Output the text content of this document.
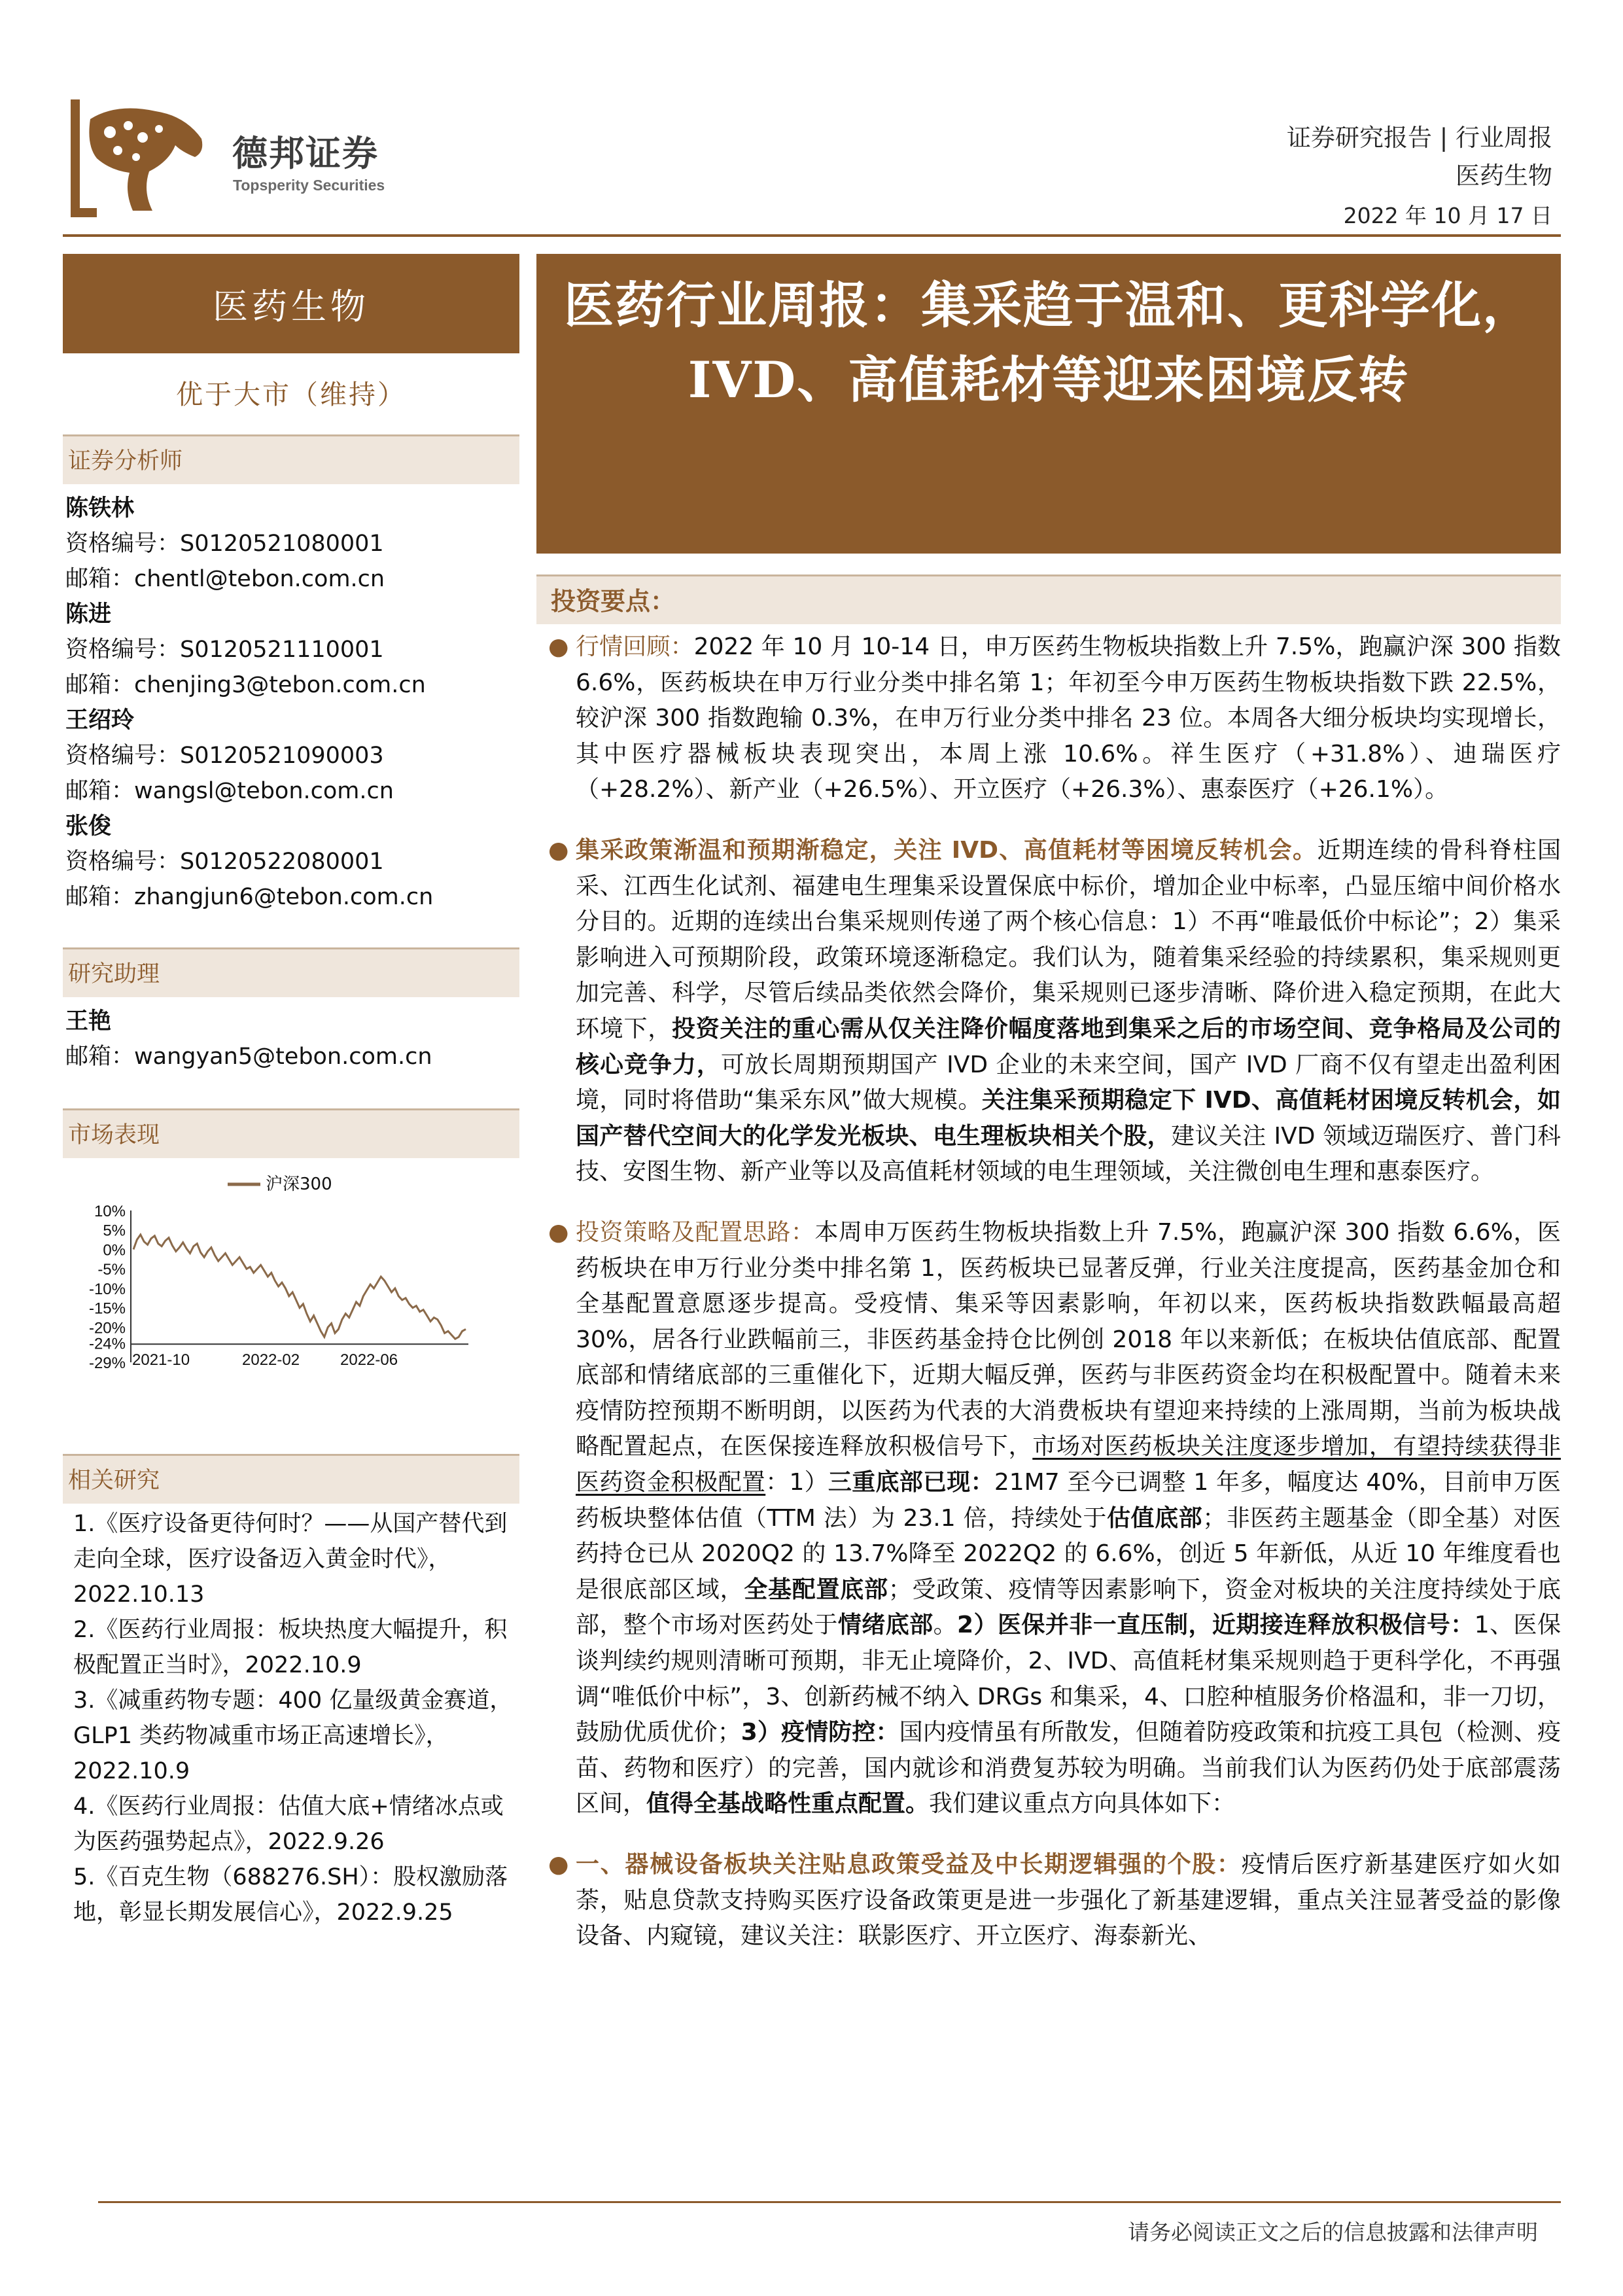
德邦证券
Topsperity Securities
证券研究报告 | 行业周报
医药生物
2022 年 10 月 17 日
医药生物
优于大市（维持）
证券分析师
陈铁林
资格编号：S0120521080001
邮箱：chentl@tebon.com.cn
陈进
资格编号：S0120521110001
邮箱：chenjing3@tebon.com.cn
王绍玲
资格编号：S0120521090003
邮箱：wangsl@tebon.com.cn
张俊
资格编号：S0120522080001
邮箱：zhangjun6@tebon.com.cn
研究助理
王艳
邮箱：wangyan5@tebon.com.cn
市场表现
10%
5%
0%
-5%
-10%
-15%
-20%
-24%
-29% 2021-10	2022-02	2022-06
沪深300
相关研究
1.《医疗设备更待何时？——从国产替代到走向全球，医疗设备迈入黄金时代》，2022.10.13
2.《医药行业周报：板块热度大幅提升，积极配置正当时》，2022.10.9
3.《减重药物专题：400 亿量级黄金赛道，GLP1 类药物减重市场正高速增长》，2022.10.9
4.《医药行业周报：估值大底+情绪冰点或为医药强势起点》，2022.9.26
5.《百克生物（688276.SH）：股权激励落地，彰显长期发展信心》，2022.9.25
医药行业周报：集采趋于温和、更科学化，IVD、高值耗材等迎来困境反转
投资要点：

● 行情回顾：2022 年 10 月 10-14 日，申万医药生物板块指数上升 7.5%，跑赢沪深 300 指数 6.6%，医药板块在申万行业分类中排名第 1；年初至今申万医药生物板块指数下跌 22.5%，较沪深 300 指数跑输 0.3%，在申万行业分类中排名 23 位。本周各大细分板块均实现增长，其中医疗器械板块表现突出，本周上涨 10.6%。祥生医疗（+31.8%）、迪瑞医疗（+28.2%）、新产业（+26.5%）、开立医疗（+26.3%）、惠泰医疗（+26.1%）。

● 集采政策渐温和预期渐稳定，关注 IVD、高值耗材等困境反转机会。近期连续的骨科脊柱国采、江西生化试剂、福建电生理集采设置保底中标价，增加企业中标率，凸显压缩中间价格水分目的。近期的连续出台集采规则传递了两个核心信息：1）不再“唯最低价中标论”；2）集采影响进入可预期阶段，政策环境逐渐稳定。我们认为，随着集采经验的持续累积，集采规则更加完善、科学，尽管后续品类依然会降价，集采规则已逐步清晰、降价进入稳定预期，在此大环境下，投资关注的重心需从仅关注降价幅度落地到集采之后的市场空间、竞争格局及公司的核心竞争力，可放长周期预期国产 IVD 企业的未来空间，国产 IVD 厂商不仅有望走出盈利困境，同时将借助“集采东风”做大规模。关注集采预期稳定下 IVD、高值耗材困境反转机会，如国产替代空间大的化学发光板块、电生理板块相关个股，建议关注 IVD 领域迈瑞医疗、普门科技、安图生物、新产业等以及高值耗材领域的电生理领域，关注微创电生理和惠泰医疗。

● 投资策略及配置思路：本周申万医药生物板块指数上升 7.5%，跑赢沪深 300 指数 6.6%，医药板块在申万行业分类中排名第 1，医药板块已显著反弹，行业关注度提高，医药基金加仓和全基配置意愿逐步提高。受疫情、集采等因素影响，年初以来，医药板块指数跌幅最高超 30%，居各行业跌幅前三，非医药基金持仓比例创 2018 年以来新低；在板块估值底部、配置底部和情绪底部的三重催化下，近期大幅反弹，医药与非医药资金均在积极配置中。随着未来疫情防控预期不断明朗，以医药为代表的大消费板块有望迎来持续的上涨周期，当前为板块战略配置起点，在医保接连释放积极信号下，市场对医药板块关注度逐步增加，有望持续获得非医药资金积极配置：1）三重底部已现：21M7 至今已调整 1 年多，幅度达 40%，目前申万医药板块整体估值（TTM 法）为 23.1 倍，持续处于估值底部；非医药主题基金（即全基）对医药持仓已从 2020Q2 的 13.7%降至 2022Q2 的 6.6%，创近 5 年新低，从近 10 年维度看也是很底部区域，全基配置底部；受政策、疫情等因素影响下，资金对板块的关注度持续处于底部，整个市场对医药处于情绪底部。2）医保并非一直压制，近期接连释放积极信号：1、医保谈判续约规则清晰可预期，非无止境降价，2、IVD、高值耗材集采规则趋于更科学化，不再强调“唯低价中标”，3、创新药械不纳入 DRGs 和集采，4、口腔种植服务价格温和，非一刀切，鼓励优质优价；3）疫情防控：国内疫情虽有所散发，但随着防疫政策和抗疫工具包（检测、疫苗、药物和医疗）的完善，国内就诊和消费复苏较为明确。当前我们认为医药仍处于底部震荡区间，值得全基战略性重点配置。我们建议重点方向具体如下：

● 一、器械设备板块关注贴息政策受益及中长期逻辑强的个股：疫情后医疗新基建医疗如火如荼，贴息贷款支持购买医疗设备政策更是进一步强化了新基建逻辑，重点关注显著受益的影像设备、内窥镜，建议关注：联影医疗、开立医疗、海泰新光、

请务必阅读正文之后的信息披露和法律声明
